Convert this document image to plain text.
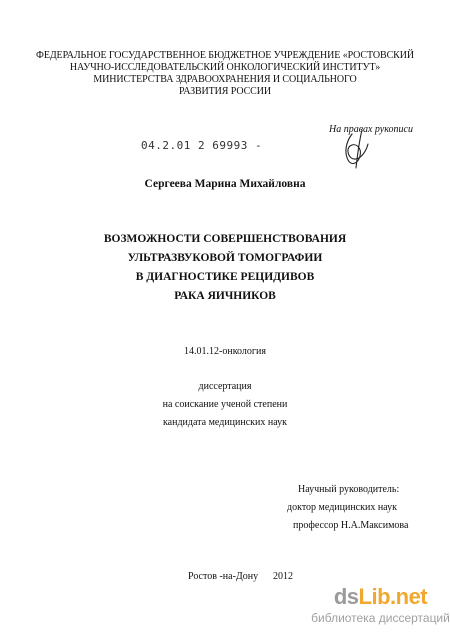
ФЕДЕРАЛЬНОЕ ГОСУДАРСТВЕННОЕ БЮДЖЕТНОЕ УЧРЕЖДЕНИЕ «РОСТОВСКИЙ
НАУЧНО-ИССЛЕДОВАТЕЛЬСКИЙ ОНКОЛОГИЧЕСКИЙ ИНСТИТУТ»
МИНИСТЕРСТВА ЗДРАВООХРАНЕНИЯ И СОЦИАЛЬНОГО
РАЗВИТИЯ РОССИИ
04.2.01 2 69993 -
На правах рукописи
Сергеева Марина Михайловна
ВОЗМОЖНОСТИ СОВЕРШЕНСТВОВАНИЯ
УЛЬТРАЗВУКОВОЙ ТОМОГРАФИИ
В ДИАГНОСТИКЕ РЕЦИДИВОВ
РАКА ЯИЧНИКОВ
14.01.12-онкология
диссертация
на соискание ученой степени
кандидата медицинских наук
Научный руководитель:
доктор медицинских наук
профессор Н.А.Максимова
Ростов -на-Дону 2012
dsLib.net
библиотека диссертаций
